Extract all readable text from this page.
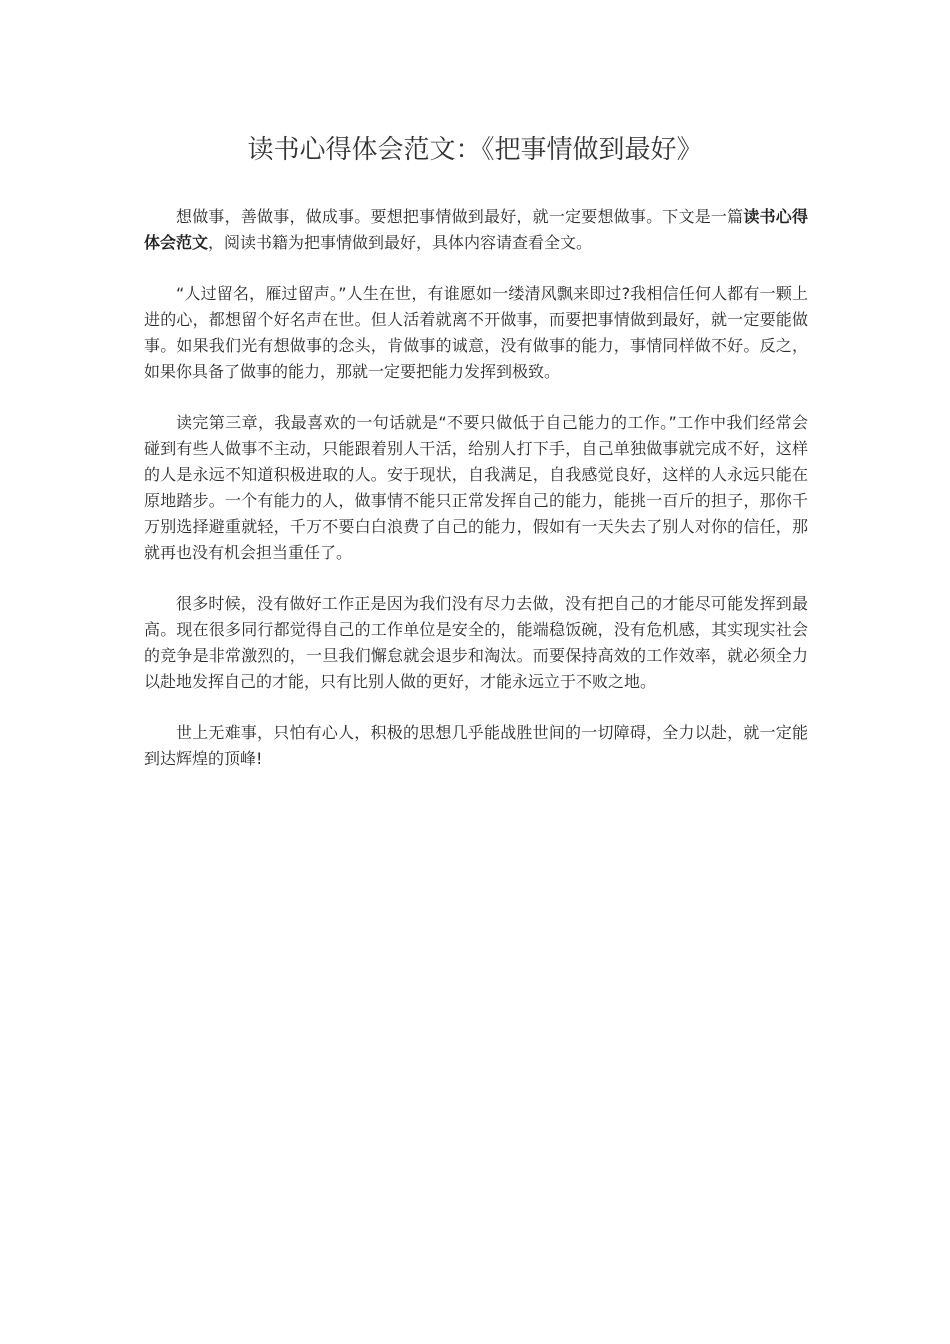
读书心得体会范文：《把事情做到最好》

想做事，善做事，做成事。要想把事情做到最好，就一定要想做事。下文是一篇读书心得体会范文，阅读书籍为把事情做到最好，具体内容请查看全文。

“人过留名，雁过留声。”人生在世，有谁愿如一缕清风飘来即过?我相信任何人都有一颗上进的心，都想留个好名声在世。但人活着就离不开做事，而要把事情做到最好，就一定要能做事。如果我们光有想做事的念头，肯做事的诚意，没有做事的能力，事情同样做不好。反之，如果你具备了做事的能力，那就一定要把能力发挥到极致。

读完第三章，我最喜欢的一句话就是“不要只做低于自己能力的工作。”工作中我们经常会碰到有些人做事不主动，只能跟着别人干活，给别人打下手，自己单独做事就完成不好，这样的人是永远不知道积极进取的人。安于现状，自我满足，自我感觉良好，这样的人永远只能在原地踏步。一个有能力的人，做事情不能只正常发挥自己的能力，能挑一百斤的担子，那你千万别选择避重就轻，千万不要白白浪费了自己的能力，假如有一天失去了别人对你的信任，那就再也没有机会担当重任了。

很多时候，没有做好工作正是因为我们没有尽力去做，没有把自己的才能尽可能发挥到最高。现在很多同行都觉得自己的工作单位是安全的，能端稳饭碗，没有危机感，其实现实社会的竞争是非常激烈的，一旦我们懈怠就会退步和淘汰。而要保持高效的工作效率，就必须全力以赴地发挥自己的才能，只有比别人做的更好，才能永远立于不败之地。

世上无难事，只怕有心人，积极的思想几乎能战胜世间的一切障碍，全力以赴，就一定能到达辉煌的顶峰!
